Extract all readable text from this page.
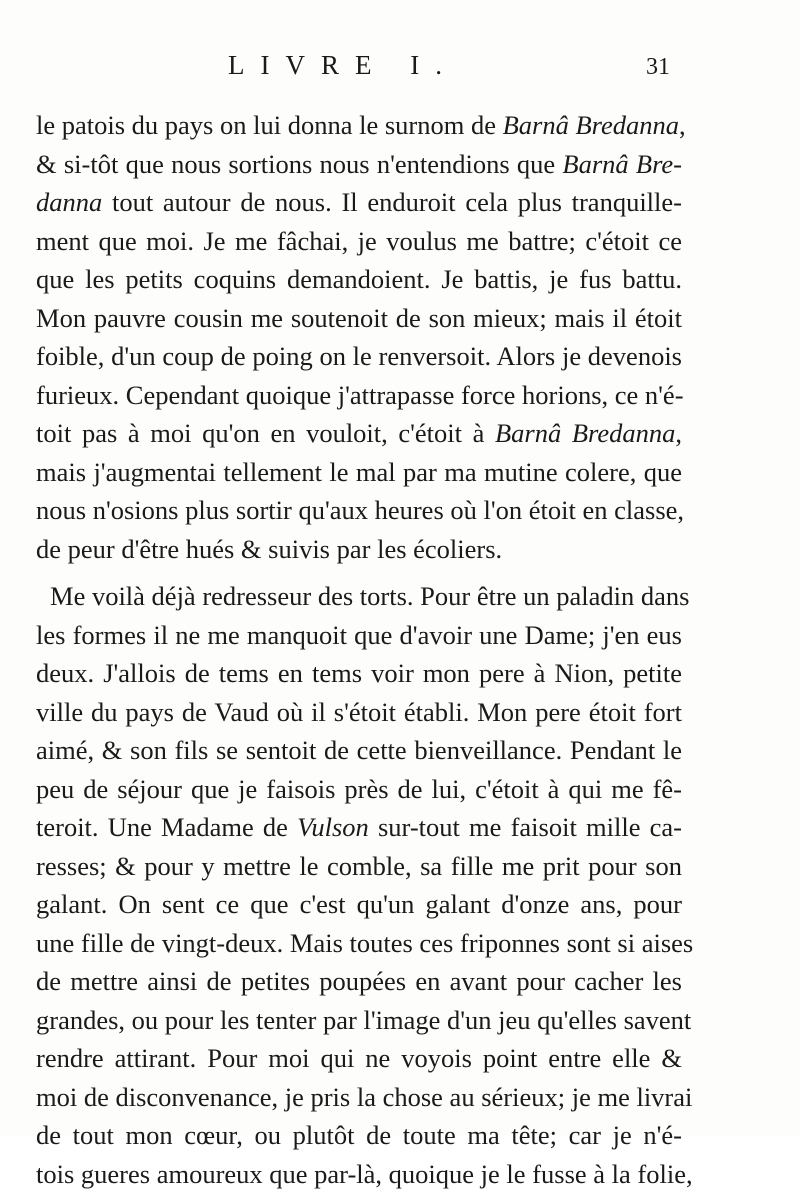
LIVRE I.	31
le patois du pays on lui donna le surnom de Barnâ Bredanna,
& si-tôt que nous sortions nous n'entendions que Barnâ Bre-
danna tout autour de nous. Il enduroit cela plus tranquille-
ment que moi. Je me fâchai, je voulus me battre; c'étoit ce
que les petits coquins demandoient. Je battis, je fus battu.
Mon pauvre cousin me soutenoit de son mieux; mais il étoit
foible, d'un coup de poing on le renversoit. Alors je devenois
furieux. Cependant quoique j'attrapasse force horions, ce n'é-
toit pas à moi qu'on en vouloit, c'étoit à Barnâ Bredanna,
mais j'augmentai tellement le mal par ma mutine colere, que
nous n'osions plus sortir qu'aux heures où l'on étoit en classe,
de peur d'être hués & suivis par les écoliers.
Me voilà déjà redresseur des torts. Pour être un paladin dans
les formes il ne me manquoit que d'avoir une Dame; j'en eus
deux. J'allois de tems en tems voir mon pere à Nion, petite
ville du pays de Vaud où il s'étoit établi. Mon pere étoit fort
aimé, & son fils se sentoit de cette bienveillance. Pendant le
peu de séjour que je faisois près de lui, c'étoit à qui me fê-
teroit. Une Madame de Vulson sur-tout me faisoit mille ca-
resses; & pour y mettre le comble, sa fille me prit pour son
galant. On sent ce que c'est qu'un galant d'onze ans, pour
une fille de vingt-deux. Mais toutes ces friponnes sont si aises
de mettre ainsi de petites poupées en avant pour cacher les
grandes, ou pour les tenter par l'image d'un jeu qu'elles savent
rendre attirant. Pour moi qui ne voyois point entre elle &
moi de disconvenance, je pris la chose au sérieux; je me livrai
de tout mon cœur, ou plutôt de toute ma tête; car je n'é-
tois gueres amoureux que par-là, quoique je le fusse à la folie,
